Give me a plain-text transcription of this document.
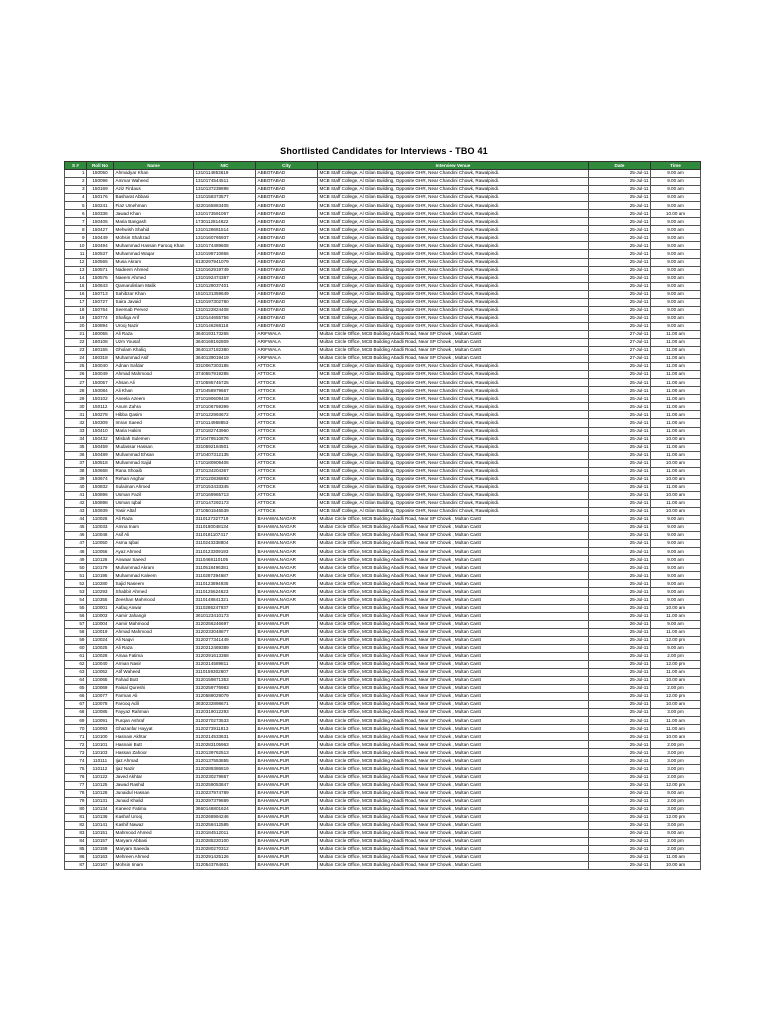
Shortlisted Candidates for Interviews - TBO 41
S #	Roll No	Name	NIC	City	Interview Venue	Date	Time
1	150050	Ahmadyar Khan	1310114853619	ABBOTABAD	MCB Staff College, Al Gilan Building, Opposite GHR, Near Chandini Chowk, Rawalpindi.	25-Jul-11	9.00 am
2	150096	Ammar Waheed	1310174544511	ABBOTABAD	MCB Staff College, Al Gilan Building, Opposite GHR, Near Chandini Chowk, Rawalpindi.	25-Jul-11	9.00 am
3	150169	Aziz Firdaus	1310137239898	ABBOTABAD	MCB Staff College, Al Gilan Building, Opposite GHR, Near Chandini Chowk, Rawalpindi.	25-Jul-11	9.00 am
4	150176	Basharat Abbasi	1310158373577	ABBOTABAD	MCB Staff College, Al Gilan Building, Opposite GHR, Near Chandini Chowk, Rawalpindi.	25-Jul-11	9.00 am
5	150241	Fiaz Umehman	4220165883405	ABBOTABAD	MCB Staff College, Al Gilan Building, Opposite GHR, Near Chandini Chowk, Rawalpindi.	25-Jul-11	9.00 am
6	150336	Jawad Khan	1310173591067	ABBOTABAD	MCB Staff College, Al Gilan Building, Opposite GHR, Near Chandini Chowk, Rawalpindi.	25-Jul-11	10.00 am
7	150405	Maria Bangash	1730112814622	ABBOTABAD	MCB Staff College, Al Gilan Building, Opposite GHR, Near Chandini Chowk, Rawalpindi.	25-Jul-11	9.00 am
8	150427	Mehwish Shahid	1310128681514	ABBOTABAD	MCB Staff College, Al Gilan Building, Opposite GHR, Near Chandini Chowk, Rawalpindi.	25-Jul-11	9.00 am
9	150449	Mohsin Shahzad	1310160765937	ABBOTABAD	MCB Staff College, Al Gilan Building, Opposite GHR, Near Chandini Chowk, Rawalpindi.	25-Jul-11	9.00 am
10	150494	Muhammad Hassan Farooq Khan	1310174489608	ABBOTABAD	MCB Staff College, Al Gilan Building, Opposite GHR, Near Chandini Chowk, Rawalpindi.	25-Jul-11	9.00 am
11	150537	Muhammad Waqar	1310198710866	ABBOTABAD	MCB Staff College, Al Gilan Building, Opposite GHR, Near Chandini Chowk, Rawalpindi.	25-Jul-11	9.00 am
12	150565	Musa Akram	8130297941079	ABBOTABAD	MCB Staff College, Al Gilan Building, Opposite GHR, Near Chandini Chowk, Rawalpindi.	25-Jul-11	9.00 am
13	150571	Nadeem Ahmed	1310162919749	ABBOTABAD	MCB Staff College, Al Gilan Building, Opposite GHR, Near Chandini Chowk, Rawalpindi.	25-Jul-11	9.00 am
14	150576	Naeem Ahmed	1310192474387	ABBOTABAD	MCB Staff College, Al Gilan Building, Opposite GHR, Near Chandini Chowk, Rawalpindi.	25-Jul-11	9.00 am
15	150643	Qamarulislam Malik	1310129037401	ABBOTABAD	MCB Staff College, Al Gilan Building, Opposite GHR, Near Chandini Chowk, Rawalpindi.	25-Jul-11	9.00 am
16	150713	Sahibzar Khan	1510131359649	ABBOTABAD	MCB Staff College, Al Gilan Building, Opposite GHR, Near Chandini Chowk, Rawalpindi.	25-Jul-11	9.00 am
17	150727	Saira Javaid	1310197302780	ABBOTABAD	MCB Staff College, Al Gilan Building, Opposite GHR, Near Chandini Chowk, Rawalpindi.	25-Jul-11	9.00 am
18	150764	Seemab Pervez	1310122824408	ABBOTABAD	MCB Staff College, Al Gilan Building, Opposite GHR, Near Chandini Chowk, Rawalpindi.	25-Jul-11	9.00 am
19	150774	Shafiqa Arif	1310144655756	ABBOTABAD	MCB Staff College, Al Gilan Building, Opposite GHR, Near Chandini Chowk, Rawalpindi.	25-Jul-11	9.00 am
20	150894	Urooj Nazir	1310146268118	ABBOTABAD	MCB Staff College, Al Gilan Building, Opposite GHR, Near Chandini Chowk, Rawalpindi.	25-Jul-11	9.00 am
21	180055	Ali Raza	3640193173265	ARIFWALA	Multan Circle Office, MCB Building Abadli Road, Near SP Chowk , Multan Cantt	27-Jul-11	11.00 am
22	180108	Uzm Yousaf	3640168192809	ARIFWALA	Multan Circle Office, MCB Building Abadli Road, Near SP Chowk , Multan Cantt	27-Jul-11	11.00 am
23	180155	Ghulam Khaliq	3640137182380	ARIFWALA	Multan Circle Office, MCB Building Abadli Road, Near SP Chowk , Multan Cantt	27-Jul-11	11.00 am
24	180318	Muhammad Asif	3640139019419	ARIFWALA	Multan Circle Office, MCB Building Abadli Road, Near SP Chowk , Multan Cantt	27-Jul-11	11.00 am
25	150040	Adnan Safdar	3310067303185	ATTOCK	MCB Staff College, Al Gilan Building, Opposite GHR, Near Chandini Chowk, Rawalpindi.	25-Jul-11	11.00 am
26	150049	Ahmad Mahmood	3740557919285	ATTOCK	MCB Staff College, Al Gilan Building, Opposite GHR, Near Chandini Chowk, Rawalpindi.	25-Jul-11	11.00 am
27	150057	Ahsan Ali	3710595745725	ATTOCK	MCB Staff College, Al Gilan Building, Opposite GHR, Near Chandini Chowk, Rawalpindi.	25-Jul-11	11.00 am
28	150084	Ali Khan	3710458979567	ATTOCK	MCB Staff College, Al Gilan Building, Opposite GHR, Near Chandini Chowk, Rawalpindi.	25-Jul-11	11.00 am
29	150102	Aneela Azeem	3710190609418	ATTOCK	MCB Staff College, Al Gilan Building, Opposite GHR, Near Chandini Chowk, Rawalpindi.	25-Jul-11	11.00 am
30	150112	Anum Zahra	3710106759399	ATTOCK	MCB Staff College, Al Gilan Building, Opposite GHR, Near Chandini Chowk, Rawalpindi.	25-Jul-11	11.00 am
31	150278	Hibba Qasim	3710122993672	ATTOCK	MCB Staff College, Al Gilan Building, Opposite GHR, Near Chandini Chowk, Rawalpindi.	25-Jul-11	11.00 am
32	150309	Imran Saeed	3710114958853	ATTOCK	MCB Staff College, Al Gilan Building, Opposite GHR, Near Chandini Chowk, Rawalpindi.	25-Jul-11	11.00 am
33	150410	Maria Hakim	3710182743960	ATTOCK	MCB Staff College, Al Gilan Building, Opposite GHR, Near Chandini Chowk, Rawalpindi.	25-Jul-11	11.00 am
34	150432	Misbah Sulemen	3710479510876	ATTOCK	MCB Staff College, Al Gilan Building, Opposite GHR, Near Chandini Chowk, Rawalpindi.	25-Jul-11	10.00 am
35	150459	Mudassar Hassan	3310592184501	ATTOCK	MCB Staff College, Al Gilan Building, Opposite GHR, Near Chandini Chowk, Rawalpindi.	25-Jul-11	11.00 am
36	150489	Muhammad Ehsan	3710407312135	ATTOCK	MCB Staff College, Al Gilan Building, Opposite GHR, Near Chandini Chowk, Rawalpindi.	25-Jul-11	11.00 am
37	150518	Muhammad Sajid	1710180909406	ATTOCK	MCB Staff College, Al Gilan Building, Opposite GHR, Near Chandini Chowk, Rawalpindi.	25-Jul-11	10.00 am
38	150668	Rana Shoaib	3710134204367	ATTOCK	MCB Staff College, Al Gilan Building, Opposite GHR, Near Chandini Chowk, Rawalpindi.	25-Jul-11	11.00 am
39	150674	Rehan Asghar	3710120836893	ATTOCK	MCB Staff College, Al Gilan Building, Opposite GHR, Near Chandini Chowk, Rawalpindi.	25-Jul-11	10.00 am
40	150832	Sulaiman Ahmed	3710153433345	ATTOCK	MCB Staff College, Al Gilan Building, Opposite GHR, Near Chandini Chowk, Rawalpindi.	25-Jul-11	11.00 am
41	150896	Usman Fazil	3710169965713	ATTOCK	MCB Staff College, Al Gilan Building, Opposite GHR, Near Chandini Chowk, Rawalpindi.	25-Jul-11	10.00 am
42	150898	Usman Iqbal	3710147292173	ATTOCK	MCB Staff College, Al Gilan Building, Opposite GHR, Near Chandini Chowk, Rawalpindi.	25-Jul-11	11.00 am
43	150939	Yasir Altaf	3710501546539	ATTOCK	MCB Staff College, Al Gilan Building, Opposite GHR, Near Chandini Chowk, Rawalpindi.	25-Jul-11	10.00 am
44	110026	Ali Raza	3110127327719	BAHAWALNAGAR	Multan Circle Office, MCB Building Abadli Road, Near SP Chowk , Multan Cantt	25-Jul-11	9.00 am
45	110033	Amna Inam	3110180048134	BAHAWALNAGAR	Multan Circle Office, MCB Building Abadli Road, Near SP Chowk , Multan Cantt	25-Jul-11	9.00 am
46	110046	Asif Ali	3110181107417	BAHAWALNAGAR	Multan Circle Office, MCB Building Abadli Road, Near SP Chowk , Multan Cantt	25-Jul-11	9.00 am
47	110050	Asma Iqbal	3110243338804	BAHAWALNAGAR	Multan Circle Office, MCB Building Abadli Road, Near SP Chowk , Multan Cantt	25-Jul-11	9.00 am
48	110056	Ayaz Ahmed	3110123309193	BAHAWALNAGAR	Multan Circle Office, MCB Building Abadli Road, Near SP Chowk , Multan Cantt	25-Jul-11	9.00 am
49	110126	Anwaar Saeed	3110468110105	BAHAWALNAGAR	Multan Circle Office, MCB Building Abadli Road, Near SP Chowk , Multan Cantt	25-Jul-11	9.00 am
50	110179	Muhammad Akram	3110518496381	BAHAWALNAGAR	Multan Circle Office, MCB Building Abadli Road, Near SP Chowk , Multan Cantt	25-Jul-11	9.00 am
51	110195	Muhammad Kaleem	3110287394687	BAHAWALNAGAR	Multan Circle Office, MCB Building Abadli Road, Near SP Chowk , Multan Cantt	25-Jul-11	9.00 am
52	110280	Sajid Naseem	3110123894935	BAHAWALNAGAR	Multan Circle Office, MCB Building Abadli Road, Near SP Chowk , Multan Cantt	25-Jul-11	9.00 am
53	110293	Shabbir Ahmed	3110125624623	BAHAWALNAGAR	Multan Circle Office, MCB Building Abadli Road, Near SP Chowk , Multan Cantt	25-Jul-11	9.00 am
54	110355	Zeeshan Mahmood	3110148841321	BAHAWALNAGAR	Multan Circle Office, MCB Building Abadli Road, Near SP Chowk , Multan Cantt	25-Jul-11	9.00 am
55	110001	Aafaq Anwar	3110286247937	BAHAWALPUR	Multan Circle Office, MCB Building Abadli Road, Near SP Chowk , Multan Cantt	25-Jul-11	10.00 am
56	110003	Aamir Jahangir	3610123410173	BAHAWALPUR	Multan Circle Office, MCB Building Abadli Road, Near SP Chowk , Multan Cantt	25-Jul-11	11.00 am
57	110004	Aamir Mahmood	3120256246697	BAHAWALPUR	Multan Circle Office, MCB Building Abadli Road, Near SP Chowk , Multan Cantt	26-Jul-11	9.00 am
58	110019	Ahmad Mahmood	3120233048877	BAHAWALPUR	Multan Circle Office, MCB Building Abadli Road, Near SP Chowk , Multan Cantt	25-Jul-11	11.00 am
59	110024	Ali Naqvi	3120277341449	BAHAWALPUR	Multan Circle Office, MCB Building Abadli Road, Near SP Chowk , Multan Cantt	25-Jul-11	12.00 pm
60	110025	Ali Raza	3120212469389	BAHAWALPUR	Multan Circle Office, MCB Building Abadli Road, Near SP Chowk , Multan Cantt	25-Jul-11	9.00 am
61	110028	Amaa Fatima	3120291613368	BAHAWALPUR	Multan Circle Office, MCB Building Abadli Road, Near SP Chowk , Multan Cantt	25-Jul-11	2.00 pm
62	110040	Arman Nasir	3120214589811	BAHAWALPUR	Multan Circle Office, MCB Building Abadli Road, Near SP Chowk , Multan Cantt	25-Jul-11	12.00 pm
63	110052	Atif Waheed	3110159302807	BAHAWALPUR	Multan Circle Office, MCB Building Abadli Road, Near SP Chowk , Multan Cantt	25-Jul-11	11.00 am
64	110065	Fahad Butt	3120159871353	BAHAWALPUR	Multan Circle Office, MCB Building Abadli Road, Near SP Chowk , Multan Cantt	25-Jul-11	10.00 am
65	110069	Faisal Qureshi	3120259776983	BAHAWALPUR	Multan Circle Office, MCB Building Abadli Road, Near SP Chowk , Multan Cantt	25-Jul-11	2.00 pm
66	110077	Farman Ali	3120589029079	BAHAWALPUR	Multan Circle Office, MCB Building Abadli Road, Near SP Chowk , Multan Cantt	25-Jul-11	12.00 pm
67	110078	Farooq Adil	3630232898671	BAHAWALPUR	Multan Circle Office, MCB Building Abadli Road, Near SP Chowk , Multan Cantt	25-Jul-11	10.00 am
68	110085	Fayyaz Rahman	3120319012293	BAHAWALPUR	Multan Circle Office, MCB Building Abadli Road, Near SP Chowk , Multan Cantt	25-Jul-11	3.00 pm
69	110091	Furqan Ashraf	3120270273533	BAHAWALPUR	Multan Circle Office, MCB Building Abadli Road, Near SP Chowk , Multan Cantt	25-Jul-11	11.00 am
70	110093	Ghazanfar Hayyat	3120273911813	BAHAWALPUR	Multan Circle Office, MCB Building Abadli Road, Near SP Chowk , Multan Cantt	25-Jul-11	11.00 am
71	110100	Hasnain Akhtar	3120214533631	BAHAWALPUR	Multan Circle Office, MCB Building Abadli Road, Near SP Chowk , Multan Cantt	25-Jul-11	10.00 am
72	110101	Hasnain Butt	3120283105963	BAHAWALPUR	Multan Circle Office, MCB Building Abadli Road, Near SP Chowk , Multan Cantt	25-Jul-11	2.00 pm
73	110103	Hassan Zahoor	3120139762513	BAHAWALPUR	Multan Circle Office, MCB Building Abadli Road, Near SP Chowk , Multan Cantt	25-Jul-11	3.00 pm
74	110111	Ijaz Ahmad	3120137553855	BAHAWALPUR	Multan Circle Office, MCB Building Abadli Road, Near SP Chowk , Multan Cantt	25-Jul-11	3.00 pm
75	110112	Ijaz Nazir	3120289386819	BAHAWALPUR	Multan Circle Office, MCB Building Abadli Road, Near SP Chowk , Multan Cantt	25-Jul-11	3.00 pm
76	110122	Javed Akhtar	3120230279867	BAHAWALPUR	Multan Circle Office, MCB Building Abadli Road, Near SP Chowk , Multan Cantt	25-Jul-11	2.00 pm
77	110125	Jawad Rashid	3120259053847	BAHAWALPUR	Multan Circle Office, MCB Building Abadli Road, Near SP Chowk , Multan Cantt	25-Jul-11	12.00 pm
78	110128	Junaidul Hassan	3120237974789	BAHAWALPUR	Multan Circle Office, MCB Building Abadli Road, Near SP Chowk , Multan Cantt	26-Jul-11	9.00 am
79	110131	Junaid Khalid	3120297379889	BAHAWALPUR	Multan Circle Office, MCB Building Abadli Road, Near SP Chowk , Multan Cantt	25-Jul-11	2.00 pm
80	110134	Kaneez Fatima	3660146801624	BAHAWALPUR	Multan Circle Office, MCB Building Abadli Road, Near SP Chowk , Multan Cantt	25-Jul-11	3.00 pm
81	110136	Kashaf Urooj	3120268994246	BAHAWALPUR	Multan Circle Office, MCB Building Abadli Road, Near SP Chowk , Multan Cantt	25-Jul-11	12.00 pm
82	110141	Kashif Nawaz	3120258412585	BAHAWALPUR	Multan Circle Office, MCB Building Abadli Road, Near SP Chowk , Multan Cantt	25-Jul-11	3.00 pm
83	110151	Mahmood Ahmed	3120184512011	BAHAWALPUR	Multan Circle Office, MCB Building Abadli Road, Near SP Chowk , Multan Cantt	26-Jul-11	9.00 am
84	110157	Maryam Abbasi	3120285220100	BAHAWALPUR	Multan Circle Office, MCB Building Abadli Road, Near SP Chowk , Multan Cantt	25-Jul-11	2.00 pm
85	110159	Maryam Saeeda	3120280270312	BAHAWALPUR	Multan Circle Office, MCB Building Abadli Road, Near SP Chowk , Multan Cantt	25-Jul-11	2.00 pm
86	110163	Mehreen Ahmed	3120291425126	BAHAWALPUR	Multan Circle Office, MCB Building Abadli Road, Near SP Chowk , Multan Cantt	25-Jul-11	11.00 am
87	110167	Mohsin Imam	3120543764601	BAHAWALPUR	Multan Circle Office, MCB Building Abadli Road, Near SP Chowk , Multan Cantt	25-Jul-11	10.00 am
